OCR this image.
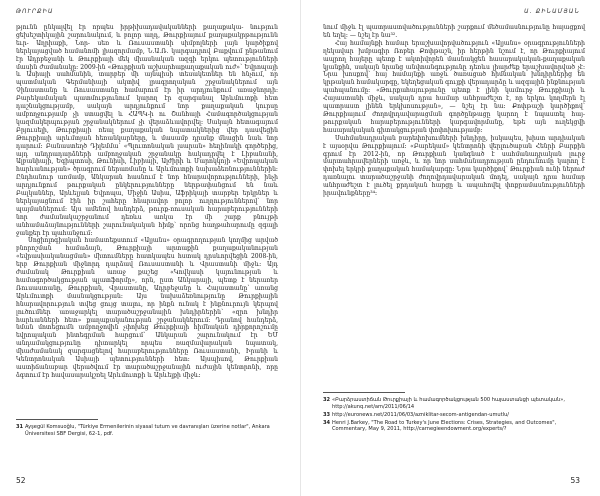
ԹՈՒՐՔԻԱ

թյունն ընկալվել էր որպես իրթիխադավականների քաղաքակա- նություն ցեխեշտիկային շարունակում, և բոլոր աղդ, Թուրքիայում քաղաքակրթությունն եւր- Աղրիաքի, Նոր- սեռ և Ռուսաստանի սիմբոլների լայն կարծիքով ներկայացված համանոմի լիազորմամբ, Ն.Ա.Ռ. կարգադրով Բաքվում ընթանում էր Ադրբեջանի և Թուրքիայի մեկ միասնական ազգի երկու պետությունների մասին ժամանակը: 2009-ին «Թուրքիան աշխարհաքաղաքական ուժ»՝ Եվրոպայի և Ասիայի սահմանին, տարբեր մի այնպիսի տեսակետներ են հնչում, որ պատմական Գերմանիայի ակտիվ լրագրողական շրջանակներում այն Չինաստանը և Ռուսաստանը համարում էր իր արդյունքում առաջնորդի։ Բարեկամական պատմությունում կարող էր զարգանալ Արևմուտքի հետ դաշնակցությամբ, սակայն արդյունքում նոր քաղաքական կուրսը ամբողջությամբ չի ստացվել և ՀԱՊԿ-ի ու Շանհայի Համագործակցության կազմակերպության շրջանակներում չի վերաձևավորվել։ Սակայն հետագայում Բրյուսելի, Թուրքիայի ռեալ քաղաքական նպատակներից վեր դասվեցին Թուրքիայի արևմտյան հեռանկարները, և մասամբ դրանք մնացին նաև նոր դարում։ Բանաստեղծ Դիլեմմա՝ «Պլուտոնական լսարան» հեղինակի գործերից, այդ անդրադարձների ամբողջական շրջանակը հակադրվել է Լիբանանի, Ալբանիայի, Եգիպտոսի, Թունիսի, Լիբիայի, Ալժիրի և Մարոկկոյի «Եվրոպական հարևանության» ծրագրում ներառմանը և Արևմուտքի նախաձեռնություններին։ Ընդհանուր առմամբ, Անկարան հասնում է նոր հնարավորությունների, ինչի արդյունքում թուրքական ընկերությունները ներթափանցում են նաև Բալկաններ, Արևելյան Եվրոպա, Միջին Ասիա, Աֆրիկայի տարբեր երկրներ և ներկայացնում էին իր շահերը հնարավոր բոլոր ուղղություններով՝ նոր պայմաններում։ Այս ամենով հանդերձ, թուրք-ռուսական հարաբերությունների նոր ժամանակաշրջանում դեռևս առկա էր մի շարք բնույթի անհամաձայնությունների շարունակական հիմք՝ որոնց հաղթահարումը զգալի ջանքեր էր պահանջում։

Սոցիոլոգիական համատեքստում «Ալյանս» օրագրողության կողմից արված բնորոշման համաձայն, Թուրքիայի արտաքին քաղաքականության «եվրասիականացման» միտումները հատկապես հստակ դրսևորվեցին 2008-ին, երբ Թուրքիան միջնորդ դարձավ Ռուսաստանի և Վրաստանի միջև։ Այդ ժամանակ Թուրքիան առաջ քաշեց «Կովկասի կայունության և համագործակցության պլատֆորմը», որն, ըստ Անկարայի, պետք է ներառեր Ռուսաստանը, Թուրքիան, Վրաստանը, Ադրբեջանը և Հայաստանը՝ առանց Արևմուտքի մասնակցության։ Այս նախաձեռնությունը Թուրքիային հնարավորություն տվեց ցույց տալու, որ ինքն ունակ է ինքնուրույն կերպով լուծումներ առաջարկել տարածաշրջանային խնդիրներին՝ «զրո խնդիր հարևանների հետ» քաղաքականության շրջանակներում։ Դրանով հանդերձ, նման մոտեցումն ամբողջովին չփոխեց Թուրքիայի հիմնական դիրքորոշումը եվրոպական ինտեգրման հարցում՝ Անկարան շարունակում էր ԵՄ անդամակցությունը դիտարկել որպես ռազմավարական նպատակ, միաժամանակ զարգացնելով հարաբերությունները Ռուսաստանի, Իրանի և Կենտրոնական Ասիայի պետությունների հետ։ Այսպիսով, Թուրքիան աստիճանաբար վերածվում էր տարածաշրջանային ուժային կենտրոնի, որը ձգտում էր հավասարակշռել Արևմուտքի և Արևելքի միջև։

31 Ayşegül Komsuoğlu, "Türkiye Ermenilerinin siyasal tutum ve davranışları üzerine notlar", Ankara Üniversitesi SBF Dergisi, 62-1, pdf.
52
Ա. ՔԻՆԱՄՅԱՆ

նում միջև էլ պատրաստվածությունների շարքում մեծամասնությունը հայացքով են եղել։ — նշել էր նա³².

Հայ համայնքի համար երաշխավորվածություն «Ալյանս» օրագրությունների ղեկավար խմբագիր Ռոբեր Քոփթաշն, իր հերթին նշում է, որ Թուրքիայում ապրող հայերը պետք է ակտիվորեն մասնակցեն հասարակական-քաղաքական կյանքին, սակայն նրանց անվտանգությունը դեռևս լիարժեք երաշխավորված չէ։ Նրա խոսքով՝ հայ համայնքի առջև ծառացած հիմնական խնդիրներից են կրթական համակարգը, եկեղեցական գույքի վերադարձը և ազգային ինքնության պահպանումը։ «Թուրքահայությունը պետք է լինի կամուրջ Թուրքիայի և Հայաստանի միջև, սակայն դրա համար անհրաժեշտ է, որ երկու կողմերն էլ պատրաստ լինեն երկխոսության», — նշել էր նա։ Քոփթաշի կարծիքով՝ Թուրքիայում ժողովրդավարացման գործընթացը կարող է նպաստել հայ-թուրքական հարաբերությունների կարգավորմանը, եթե այն ուղեկցվի հասարակական գիտակցության փոփոխությամբ։

Սահմանադրական բարեփոխումների խնդիրը, իսկապես, խիստ արդիական է այսօրվա Թուրքիայում։ «Բարեկամ» կենտրոնի վերլուծաբան Հենրի Բարքին գրում էր 2012-ին, որ Թուրքիան կանգնած է սահմանադրական լուրջ մարտահրավերների առջև, և որ նոր սահմանադրության ընդունումը կարող է փոխել երկրի քաղաքական համակարգը։ Նրա կարծիքով՝ Թուրքիան ունի ներուժ դառնալու տարածաշրջանի ժողովրդավարական մոդել, սակայն դրա համար անհրաժեշտ է լուծել քրդական հարցը և ապահովել փոքրամասնությունների իրավունքները³⁴։

32 «Բարձրաստիճան Թուրքիայի և համագործակցության 500 հայաստանցի պետական», http://akunq.net/am/2011/06/14
33 http://euronews.net/2011/06/03/azniklitar-secom-antigendan-umutlu/
34 Henri J.Barkey, "The Road to Turkey's June Elections: Crises, Strategies, and Outcomes", Commentary, May 9, 2011, http://carnegieendowment.org/experts/?
53
